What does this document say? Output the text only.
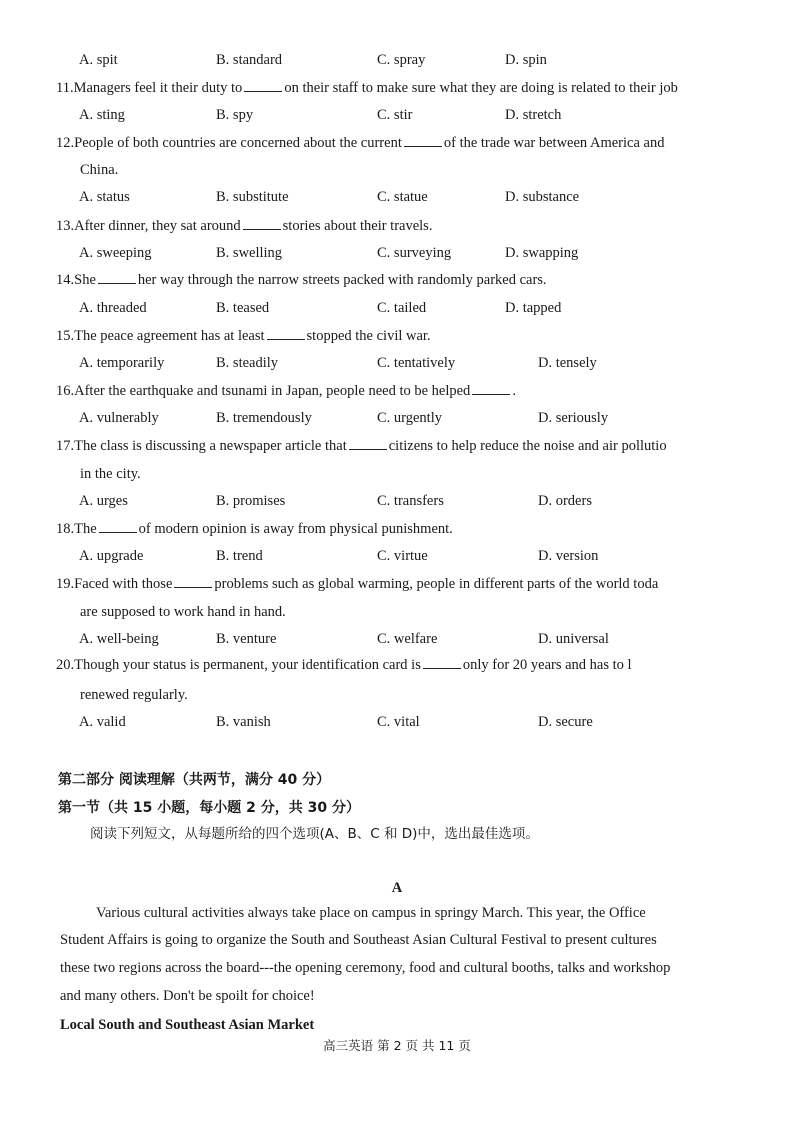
A. spit	B. standard	C. spray	D. spin
11.Managers feel it their duty to	on their staff to make sure what they are doing is related to their job
A. sting	B. spy	C. stir	D. stretch
12.People of both countries are concerned about the current	of the trade war between America and
China.
A. status	B. substitute	C. statue	D. substance
13.After dinner, they sat around	stories about their travels.
A. sweeping	B. swelling	C. surveying	D. swapping
14.She	her way through the narrow streets packed with randomly parked cars.
A. threaded	B. teased	C. tailed	D. tapped
15.The peace agreement has at least	stopped the civil war.
A. temporarily	B. steadily	C. tentatively	D. tensely
16.After the earthquake and tsunami in Japan, people need to be helped	.
A. vulnerably	B. tremendously	C. urgently	D. seriously
17.The class is discussing a newspaper article that	citizens to help reduce the noise and air pollutio
in the city.
A. urges	B. promises	C. transfers	D. orders
18.The	of modern opinion is away from physical punishment.
A. upgrade	B. trend	C. virtue	D. version
19.Faced with those	problems such as global warming, people in different parts of the world toda
are supposed to work hand in hand.
A. well-being	B. venture	C. welfare	D. universal
20.Though your status is permanent, your identification card is	only for 20 years and has to l
renewed regularly.
A. valid	B. vanish	C. vital	D. secure
第二部分 阅读理解（共两节，满分 40 分）
第一节（共 15 小题，每小题 2 分，共 30 分）
阅读下列短文，从每题所给的四个选项(A、B、C 和 D)中，选出最佳选项。
A
Various cultural activities always take place on campus in springy March. This year, the Office
Student Affairs is going to organize the South and Southeast Asian Cultural Festival to present cultures
these two regions across the board---the opening ceremony, food and cultural booths, talks and workshop
and many others. Don't be spoilt for choice!
Local South and Southeast Asian Market
高三英语 第 2 页 共 11 页
